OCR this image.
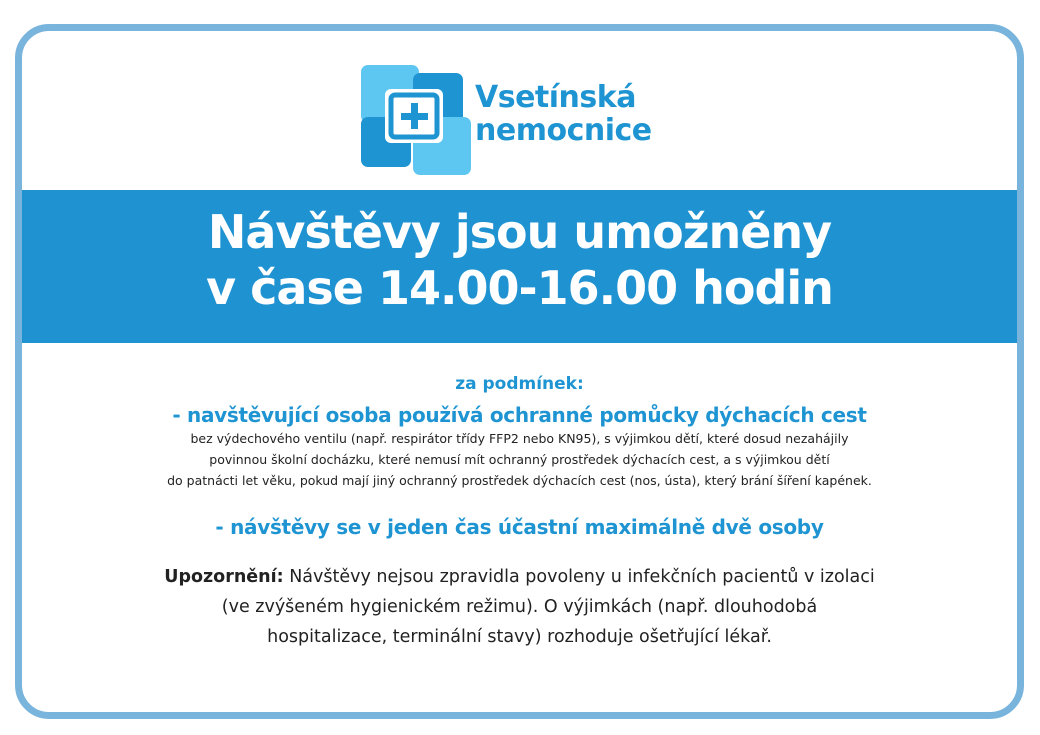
Vsetínská
nemocnice
Návštěvy jsou umožněny
v čase 14.00-16.00 hodin
za podmínek:
- navštěvující osoba používá ochranné pomůcky dýchacích cest
bez výdechového ventilu (např. respirátor třídy FFP2 nebo KN95), s výjimkou dětí, které dosud nezahájily
povinnou školní docházku, které nemusí mít ochranný prostředek dýchacích cest, a s výjimkou dětí
do patnácti let věku, pokud mají jiný ochranný prostředek dýchacích cest (nos, ústa), který brání šíření kapének.
- návštěvy se v jeden čas účastní maximálně dvě osoby
Upozornění: Návštěvy nejsou zpravidla povoleny u infekčních pacientů v izolaci
(ve zvýšeném hygienickém režimu). O výjimkách (např. dlouhodobá
hospitalizace, terminální stavy) rozhoduje ošetřující lékař.
